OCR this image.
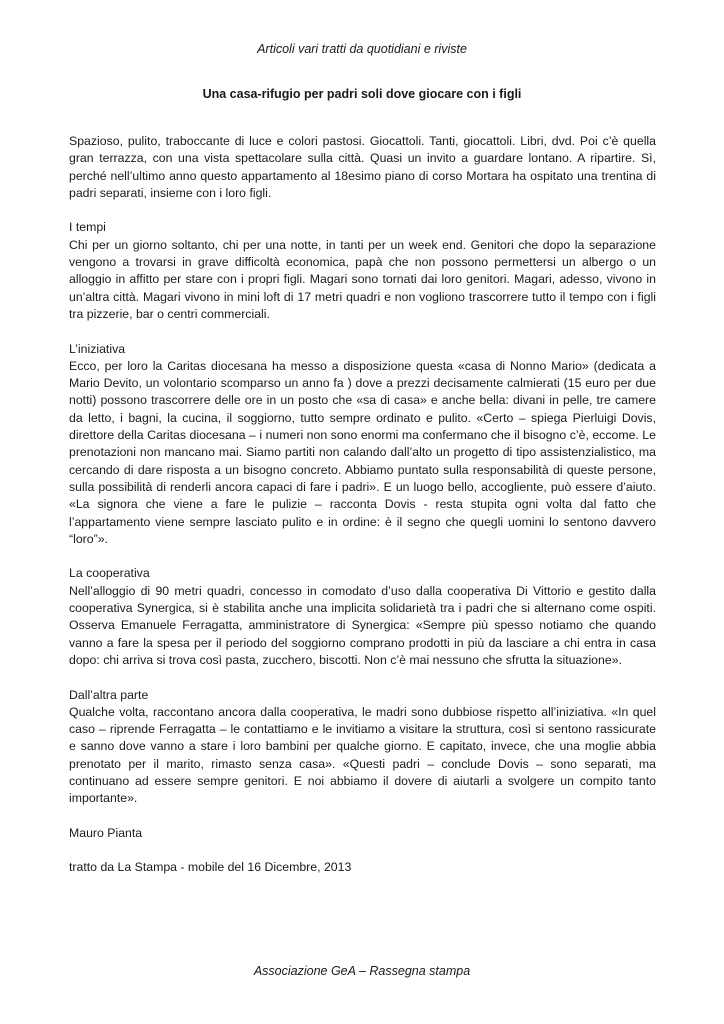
Articoli vari tratti da quotidiani e riviste
Una casa-rifugio per padri soli dove giocare con i figli

Spazioso, pulito, traboccante di luce e colori pastosi. Giocattoli. Tanti, giocattoli. Libri, dvd. Poi c’è quella gran terrazza, con una vista spettacolare sulla città. Quasi un invito a guardare lontano. A ripartire. Sì, perché nell’ultimo anno questo appartamento al 18esimo piano di corso Mortara ha ospitato una trentina di padri separati, insieme con i loro figli.

I tempi
Chi per un giorno soltanto, chi per una notte, in tanti per un week end. Genitori che dopo la separazione vengono a trovarsi in grave difficoltà economica, papà che non possono permettersi un albergo o un alloggio in affitto per stare con i propri figli. Magari sono tornati dai loro genitori. Magari, adesso, vivono in un’altra città. Magari vivono in mini loft di 17 metri quadri e non vogliono trascorrere tutto il tempo con i figli tra pizzerie, bar o centri commerciali.

L’iniziativa
Ecco, per loro la Caritas diocesana ha messo a disposizione questa «casa di Nonno Mario» (dedicata a Mario Devito, un volontario scomparso un anno fa ) dove a prezzi decisamente calmierati (15 euro per due notti) possono trascorrere delle ore in un posto che «sa di casa» e anche bella: divani in pelle, tre camere da letto, i bagni, la cucina, il soggiorno, tutto sempre ordinato e pulito. «Certo – spiega Pierluigi Dovis, direttore della Caritas diocesana – i numeri non sono enormi ma confermano che il bisogno c’è, eccome. Le prenotazioni non mancano mai. Siamo partiti non calando dall’alto un progetto di tipo assistenzialistico, ma cercando di dare risposta a un bisogno concreto. Abbiamo puntato sulla responsabilità di queste persone, sulla possibilità di renderli ancora capaci di fare i padri». E un luogo bello, accogliente, può essere d’aiuto. «La signora che viene a fare le pulizie – racconta Dovis - resta stupita ogni volta dal fatto che l’appartamento viene sempre lasciato pulito e in ordine: è il segno che quegli uomini lo sentono davvero “loro”».

La cooperativa
Nell’alloggio di 90 metri quadri, concesso in comodato d’uso dalla cooperativa Di Vittorio e gestito dalla cooperativa Synergica, si è stabilita anche una implicita solidarietà tra i padri che si alternano come ospiti. Osserva Emanuele Ferragatta, amministratore di Synergica: «Sempre più spesso notiamo che quando vanno a fare la spesa per il periodo del soggiorno comprano prodotti in più da lasciare a chi entra in casa dopo: chi arriva si trova così pasta, zucchero, biscotti. Non c’è mai nessuno che sfrutta la situazione».

Dall’altra parte
Qualche volta, raccontano ancora dalla cooperativa, le madri sono dubbiose rispetto all’iniziativa. «In quel caso – riprende Ferragatta – le contattiamo e le invitiamo a visitare la struttura, così si sentono rassicurate e sanno dove vanno a stare i loro bambini per qualche giorno. E capitato, invece, che una moglie abbia prenotato per il marito, rimasto senza casa». «Questi padri – conclude Dovis – sono separati, ma continuano ad essere sempre genitori. E noi abbiamo il dovere di aiutarli a svolgere un compito tanto importante».

Mauro Pianta

tratto da La Stampa - mobile del 16 Dicembre, 2013

Associazione GeA – Rassegna stampa
